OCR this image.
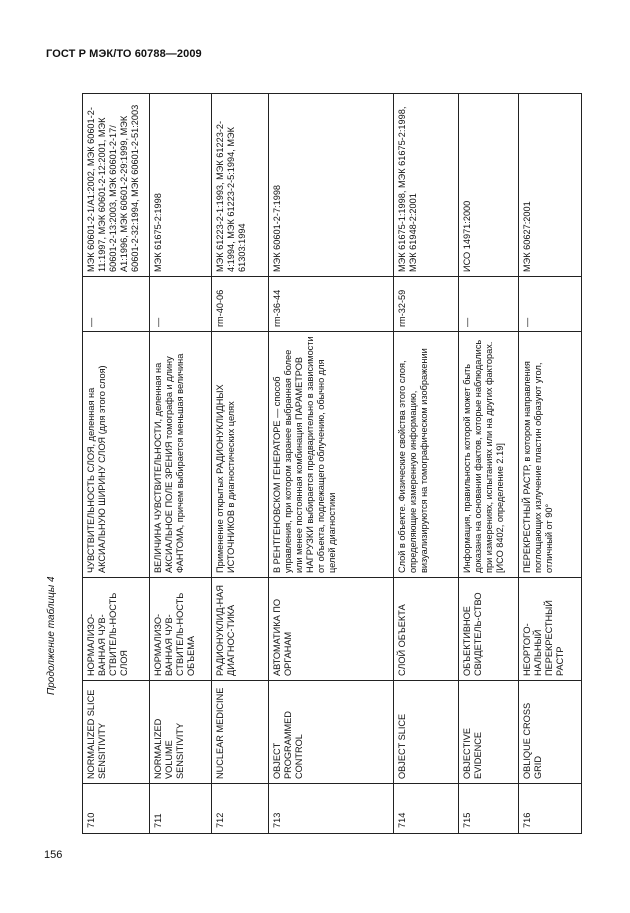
ГОСТ Р МЭК/ТО 60788—2009
Продолжение таблицы 4
156
710	NORMALIZED SLICE SENSITIVITY	НОРМАЛИЗО-ВАННАЯ ЧУВ-СТВИТЕЛЬ-НОСТЬ СЛОЯ	ЧУВСТВИТЕЛЬНОСТЬ СЛОЯ, деленная на АКСИАЛЬНУЮ ШИРИНУ СЛОЯ (для этого слоя)	—	МЭК 60601-2-1/А1:2002, МЭК 60601-2-11:1997, МЭК 60601-2-12:2001, МЭК 60601-2-13:2003, МЭК 60601-2-17/А1:1996, МЭК 60601-2-29:1999, МЭК 60601-2-32:1994, МЭК 60601-2-51:2003
711	NORMALIZED VOLUME SENSITIVITY	НОРМАЛИЗО-ВАННАЯ ЧУВ-СТВИТЕЛЬ-НОСТЬ ОБЪЕМА	ВЕЛИЧИНА ЧУВСТВИТЕЛЬНОСТИ, деленная на АКСИАЛЬНОЕ ПОЛЕ ЗРЕНИЯ томографа и длину ФАНТОМА, причем выбирается меньшая величина	—	МЭК 61675-2:1998
712	NUCLEAR MEDICINE	РАДИОНУКЛИД-НАЯ ДИАГНОС-ТИКА	Применение открытых РАДИОНУКЛИДНЫХ ИСТОЧНИКОВ в диагностических целях	rm-40-06	МЭК 61223-2-1:1993, МЭК 61223-2-4:1994, МЭК 61223-2-5:1994, МЭК 61303:1994
713	OBJECT PROGRAMMED CONTROL	АВТОМАТИКА ПО ОРГАНАМ	В РЕНТГЕНОВСКОМ ГЕНЕРАТОРЕ — способ управления, при котором заранее выбранная более или менее постоянная комбинация ПАРАМЕТРОВ НАГРУЗКИ выбирается предварительно в зависимости от объекта, подлежащего облучению, обычно для целей диагностики	rm-36-44	МЭК 60601-2-7:1998
714	OBJECT SLICE	СЛОЙ ОБЪЕКТА	Слой в объекте. Физические свойства этого слоя, определяющие измеренную информацию, визуализируются на томографическом изображении	rm-32-59	МЭК 61675-1:1998, МЭК 61675-2:1998, МЭК 61948-2:2001
715	OBJECTIVE EVIDENCE	ОБЪЕКТИВНОЕ СВИДЕТЕЛЬ-СТВО	Информация, правильность которой может быть доказана на основании фактов, которые наблюдались при измерениях, испытаниях или на других факторах. [ИСО 8402, определение 2.19]	—	ИСО 14971:2000
716	OBLIQUE CROSS GRID	НЕОРТОГО-НАЛЬНЫЙ ПЕРЕКРЕСТНЫЙ РАСТР	ПЕРЕКРЕСТНЫЙ РАСТР, в котором направления поглощающих излучение пластин образуют угол, отличный от 90°	—	МЭК 60627:2001
